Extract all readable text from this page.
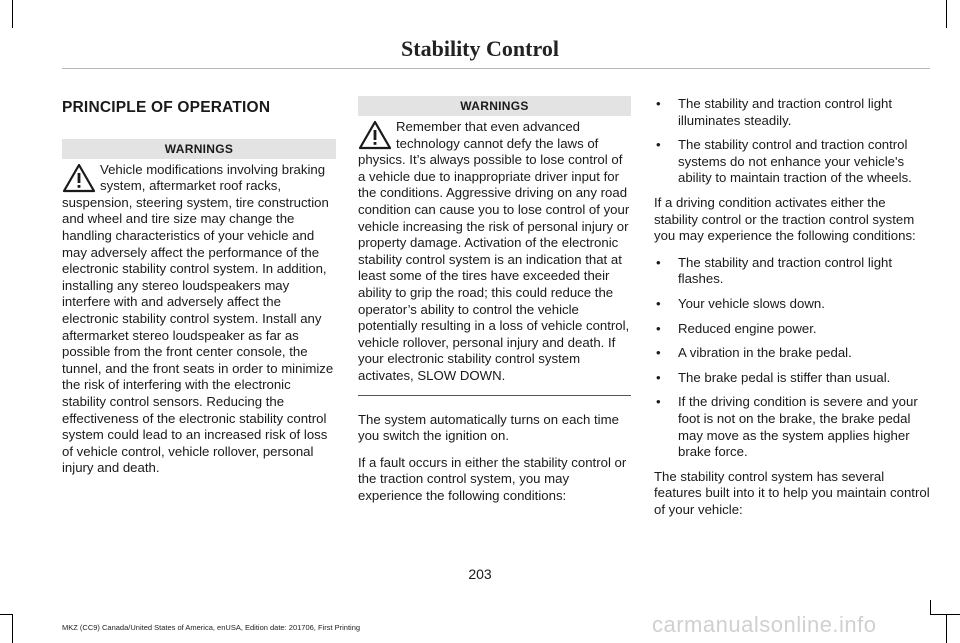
Stability Control
PRINCIPLE OF OPERATION
WARNINGS
Vehicle modifications involving braking system, aftermarket roof racks, suspension, steering system, tire construction and wheel and tire size may change the handling characteristics of your vehicle and may adversely affect the performance of the electronic stability control system. In addition, installing any stereo loudspeakers may interfere with and adversely affect the electronic stability control system. Install any aftermarket stereo loudspeaker as far as possible from the front center console, the tunnel, and the front seats in order to minimize the risk of interfering with the electronic stability control sensors. Reducing the effectiveness of the electronic stability control system could lead to an increased risk of loss of vehicle control, vehicle rollover, personal injury and death.
WARNINGS
Remember that even advanced technology cannot defy the laws of physics. It’s always possible to lose control of a vehicle due to inappropriate driver input for the conditions. Aggressive driving on any road condition can cause you to lose control of your vehicle increasing the risk of personal injury or property damage. Activation of the electronic stability control system is an indication that at least some of the tires have exceeded their ability to grip the road; this could reduce the operator’s ability to control the vehicle potentially resulting in a loss of vehicle control, vehicle rollover, personal injury and death. If your electronic stability control system activates, SLOW DOWN.

The system automatically turns on each time you switch the ignition on.

If a fault occurs in either the stability control or the traction control system, you may experience the following conditions:

• The stability and traction control light illuminates steadily.
• The stability control and traction control systems do not enhance your vehicle's ability to maintain traction of the wheels.

If a driving condition activates either the stability control or the traction control system you may experience the following conditions:

• The stability and traction control light flashes.
• Your vehicle slows down.
• Reduced engine power.
• A vibration in the brake pedal.
• The brake pedal is stiffer than usual.
• If the driving condition is severe and your foot is not on the brake, the brake pedal may move as the system applies higher brake force.

The stability control system has several features built into it to help you maintain control of your vehicle:

203
MKZ (CC9) Canada/United States of America, enUSA, Edition date: 201706, First Printing	carmanualsonline.info
